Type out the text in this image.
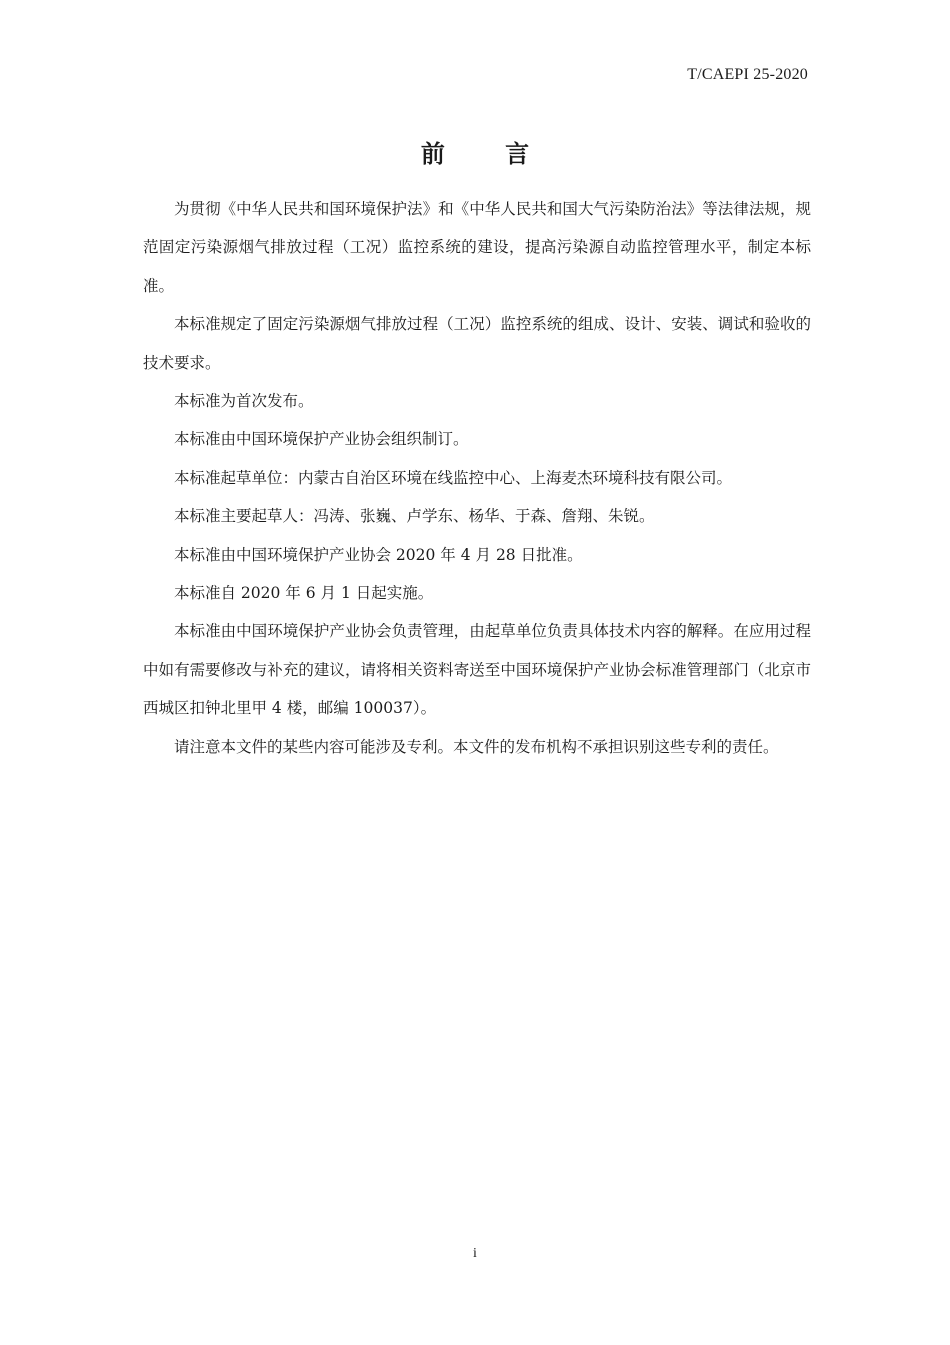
T/CAEPI 25-2020
前 言

为贯彻《中华人民共和国环境保护法》和《中华人民共和国大气污染防治法》等法律法规，规范固定污染源烟气排放过程（工况）监控系统的建设，提高污染源自动监控管理水平，制定本标准。

本标准规定了固定污染源烟气排放过程（工况）监控系统的组成、设计、安装、调试和验收的技术要求。

本标准为首次发布。

本标准由中国环境保护产业协会组织制订。

本标准起草单位：内蒙古自治区环境在线监控中心、上海麦杰环境科技有限公司。

本标准主要起草人：冯涛、张巍、卢学东、杨华、于森、詹翔、朱锐。

本标准由中国环境保护产业协会 2020 年 4 月 28 日批准。

本标准自 2020 年 6 月 1 日起实施。

本标准由中国环境保护产业协会负责管理，由起草单位负责具体技术内容的解释。在应用过程中如有需要修改与补充的建议，请将相关资料寄送至中国环境保护产业协会标准管理部门（北京市西城区扣钟北里甲 4 楼，邮编 100037）。

请注意本文件的某些内容可能涉及专利。本文件的发布机构不承担识别这些专利的责任。

i
